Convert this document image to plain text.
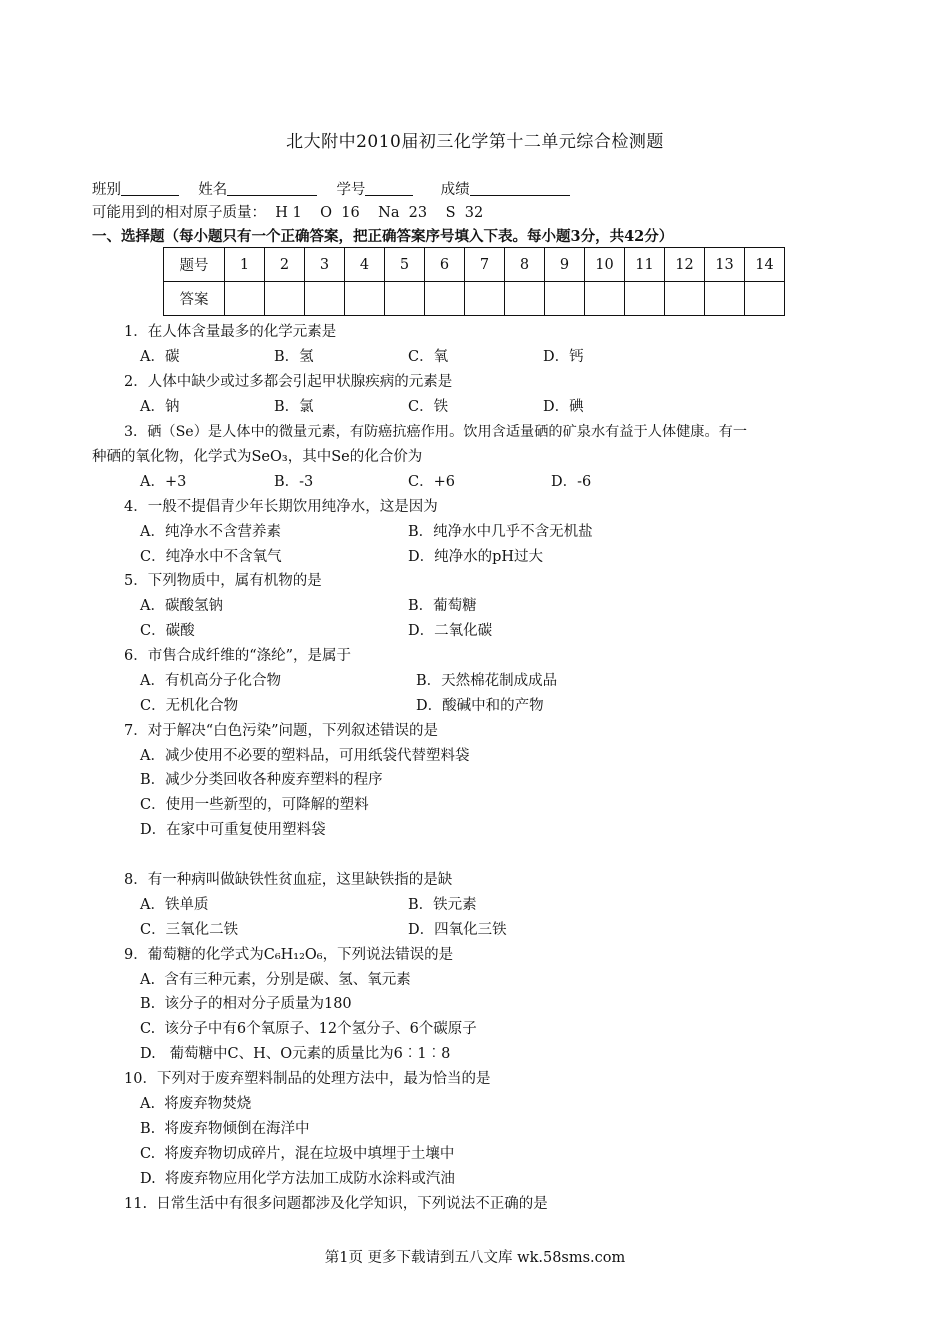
北大附中2010届初三化学第十二单元综合检测题
班别	姓名	学号	成绩
可能用到的相对原子质量：  H 1    O  16    Na  23    S  32
一、选择题（每小题只有一个正确答案，把正确答案序号填入下表。每小题3分，共42分）
题号	1	2	3	4	5	6	7	8	9	10	11	12	13	14
答案														
1．在人体含量最多的化学元素是
A．碳	B．氢	C．氧	D．钙
2．人体中缺少或过多都会引起甲状腺疾病的元素是
A．钠	B．氯	C．铁	D．碘
3．硒（Se）是人体中的微量元素，有防癌抗癌作用。饮用含适量硒的矿泉水有益于人体健康。有一
种硒的氧化物，化学式为SeO₃，其中Se的化合价为
A．+3	B．-3	C．+6	D．-6
4．一般不提倡青少年长期饮用纯净水，这是因为
A．纯净水不含营养素	B．纯净水中几乎不含无机盐
C．纯净水中不含氧气	D．纯净水的pH过大
5．下列物质中，属有机物的是
A．碳酸氢钠	B．葡萄糖
C．碳酸	D．二氧化碳
6．市售合成纤维的“涤纶”，是属于
A．有机高分子化合物	B．天然棉花制成成品
C．无机化合物	D．酸碱中和的产物
7．对于解决“白色污染”问题，下列叙述错误的是
A．减少使用不必要的塑料品，可用纸袋代替塑料袋
B．减少分类回收各种废弃塑料的程序
C．使用一些新型的，可降解的塑料
D．在家中可重复使用塑料袋
8．有一种病叫做缺铁性贫血症，这里缺铁指的是缺
A．铁单质	B．铁元素
C．三氧化二铁	D．四氧化三铁
9．葡萄糖的化学式为C₆H₁₂O₆，下列说法错误的是
A.  含有三种元素，分别是碳、氢、氧元素
B.  该分子的相对分子质量为180
C.  该分子中有6个氧原子、12个氢分子、6个碳原子
D.   葡萄糖中C、H、O元素的质量比为6︰1︰8
10．下列对于废弃塑料制品的处理方法中，最为恰当的是
A.  将废弃物焚烧
B.  将废弃物倾倒在海洋中
C.  将废弃物切成碎片，混在垃圾中填埋于土壤中
D.  将废弃物应用化学方法加工成防水涂料或汽油
11.  日常生活中有很多问题都涉及化学知识，下列说法不正确的是
第1页 更多下载请到五八文库 wk.58sms.com
